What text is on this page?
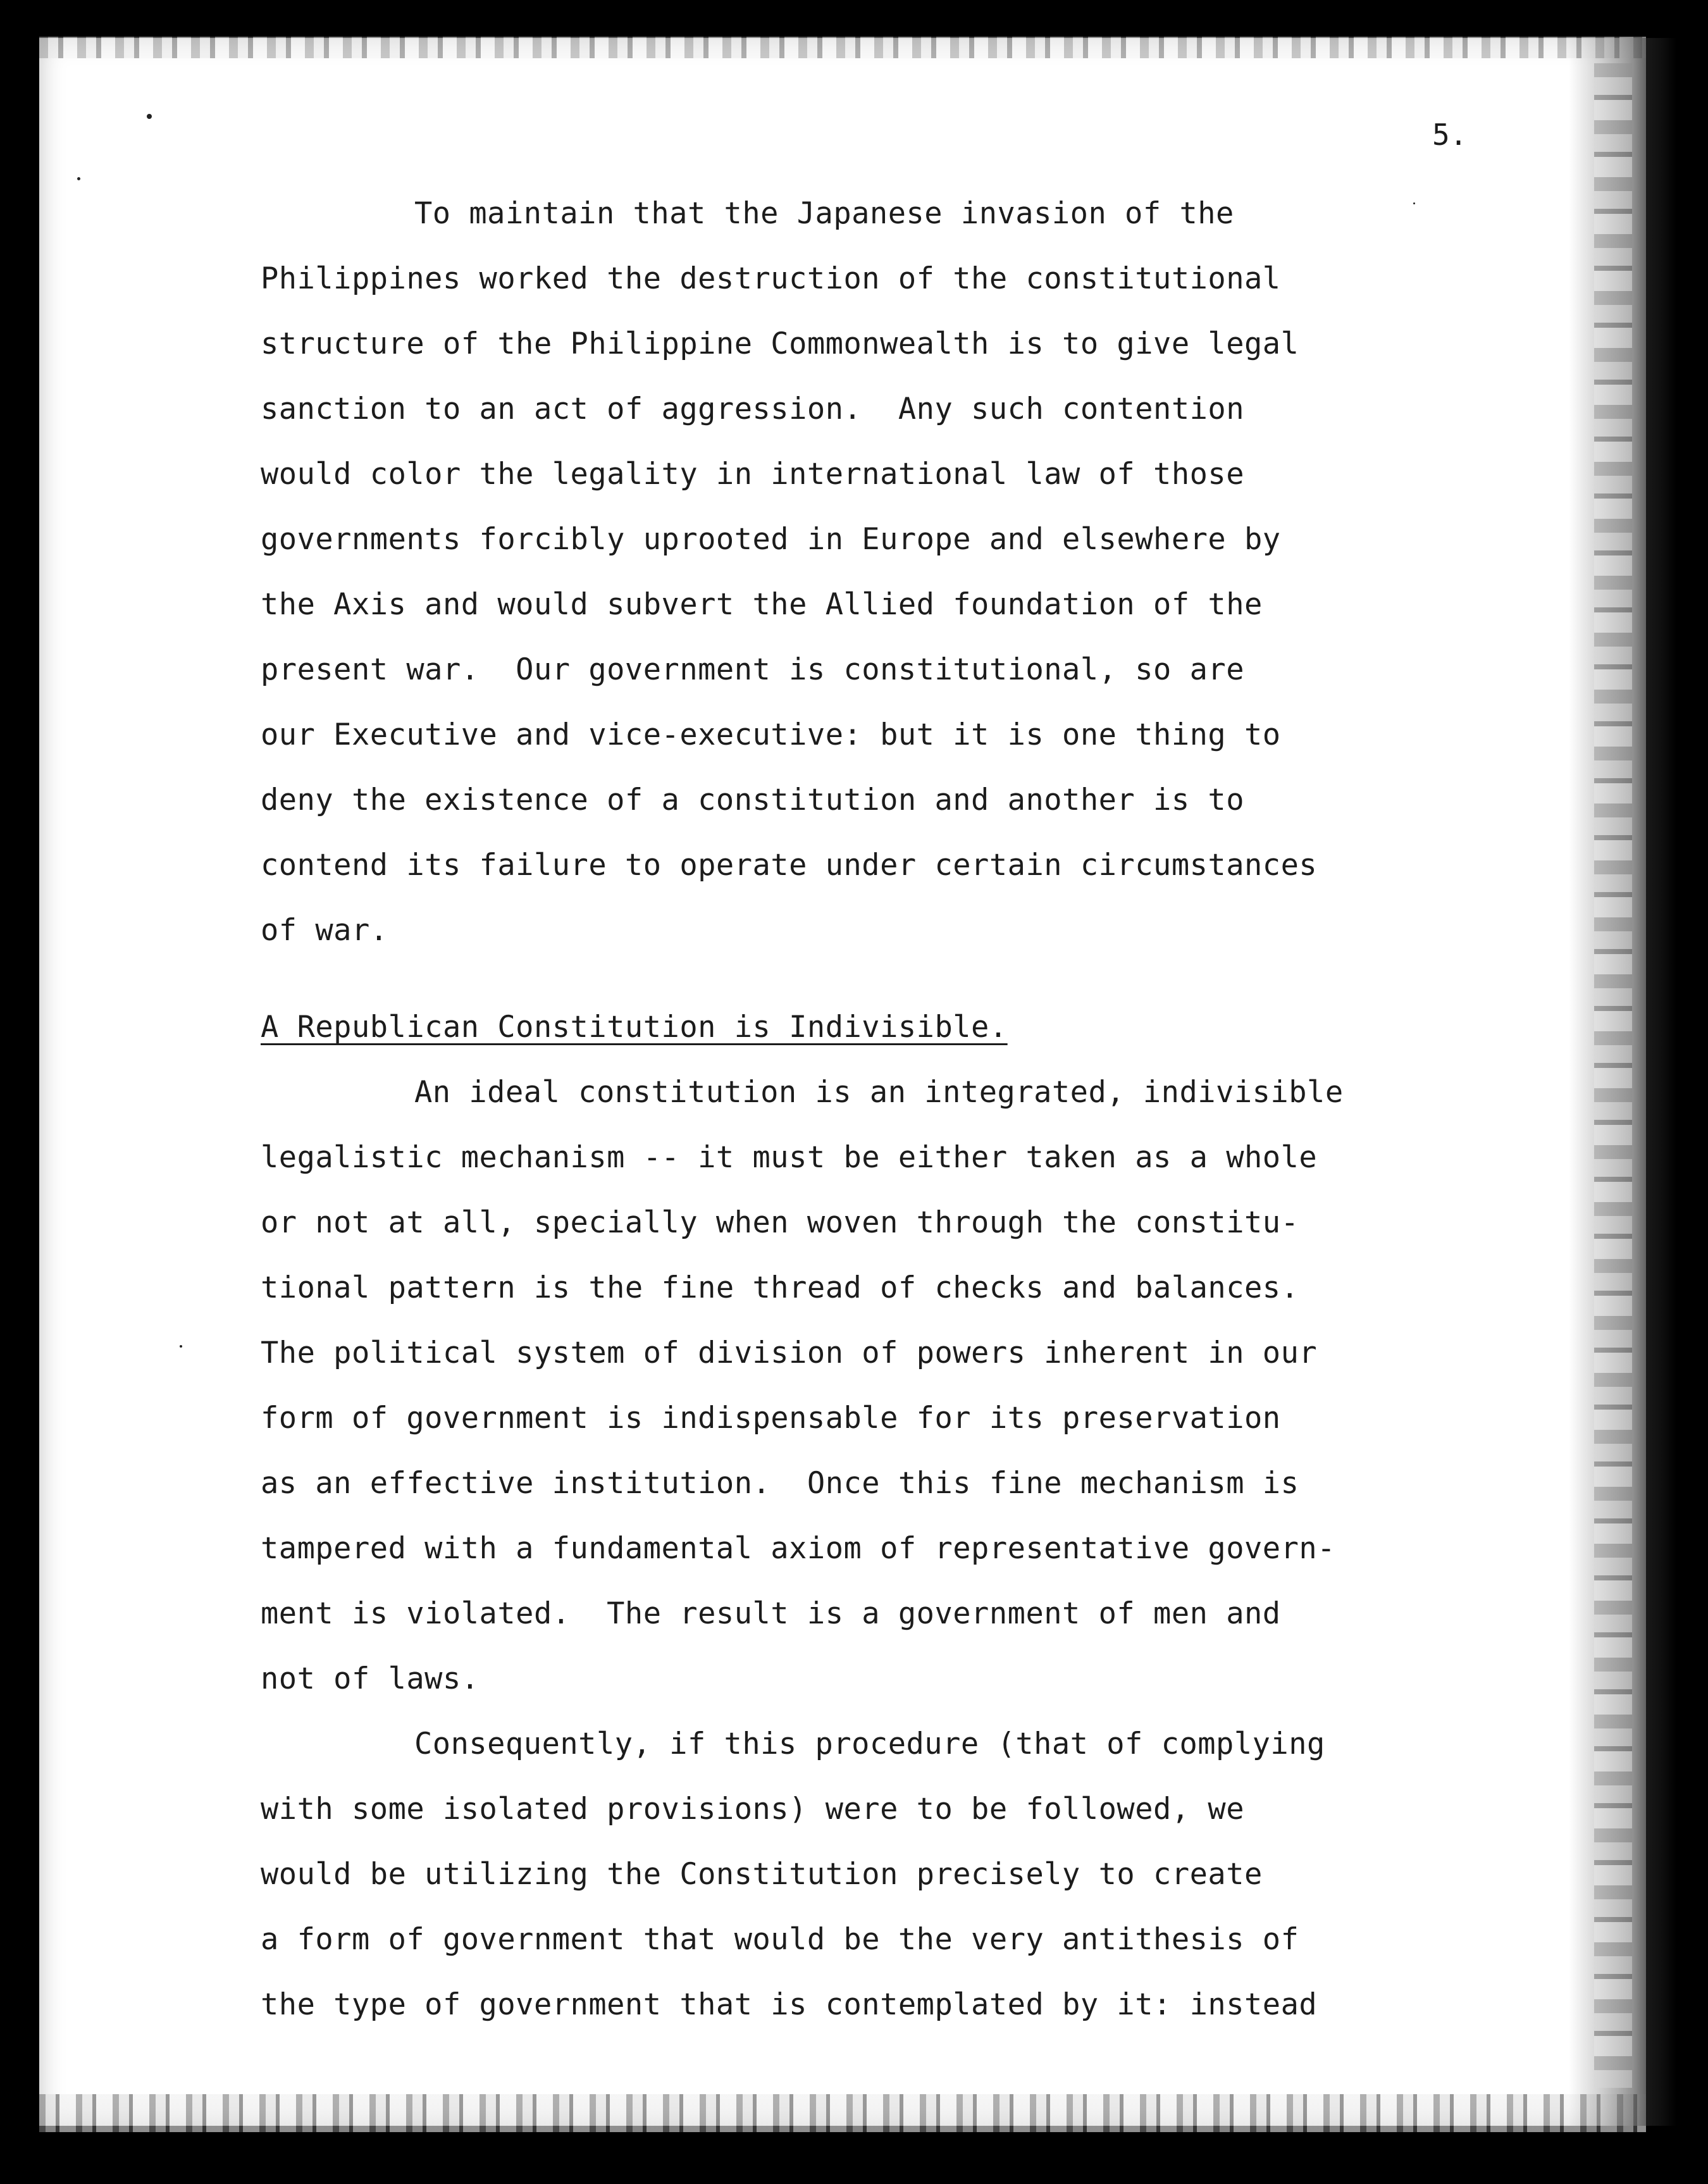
5.

To maintain that the Japanese invasion of the

Philippines worked the destruction of the constitutional

structure of the Philippine Commonwealth is to give legal

sanction to an act of aggression.  Any such contention

would color the legality in international law of those

governments forcibly uprooted in Europe and elsewhere by

the Axis and would subvert the Allied foundation of the

present war.  Our government is constitutional, so are

our Executive and vice-executive: but it is one thing to

deny the existence of a constitution and another is to

contend its failure to operate under certain circumstances

of war.

A Republican Constitution is Indivisible.

An ideal constitution is an integrated, indivisible

legalistic mechanism -- it must be either taken as a whole

or not at all, specially when woven through the constitu-

tional pattern is the fine thread of checks and balances.

The political system of division of powers inherent in our

form of government is indispensable for its preservation

as an effective institution.  Once this fine mechanism is

tampered with a fundamental axiom of representative govern-

ment is violated.  The result is a government of men and

not of laws.

Consequently, if this procedure (that of complying

with some isolated provisions) were to be followed, we

would be utilizing the Constitution precisely to create

a form of government that would be the very antithesis of

the type of government that is contemplated by it: instead
